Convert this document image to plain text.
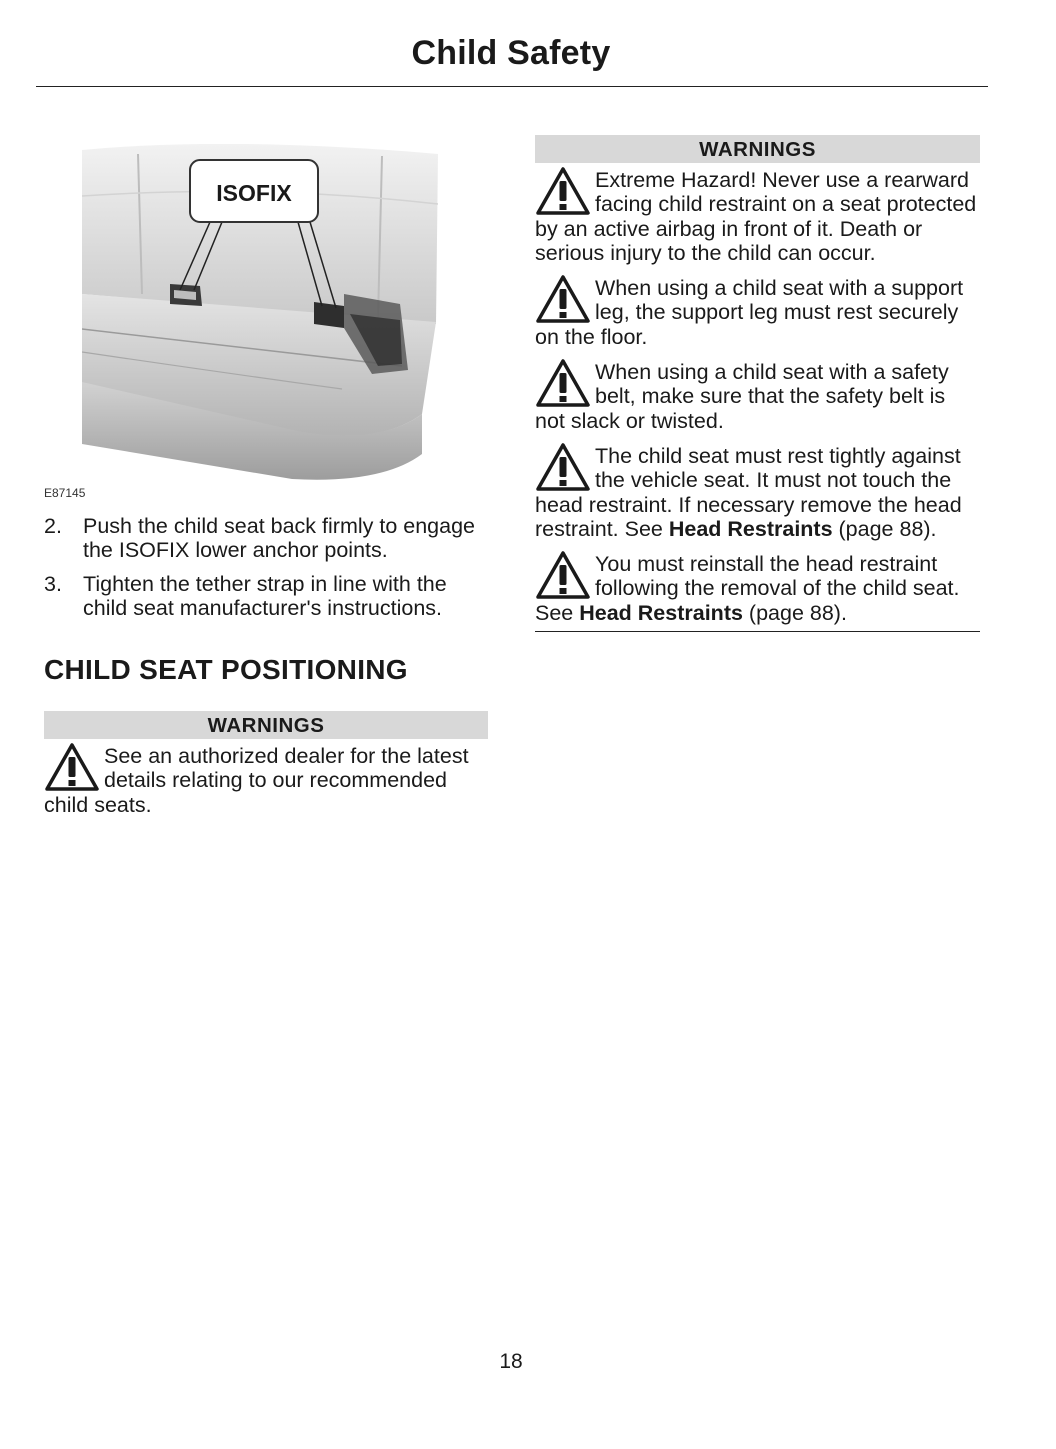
Child Safety
ISOFIX
E87145
2. Push the child seat back firmly to engage the ISOFIX lower anchor points.
3. Tighten the tether strap in line with the child seat manufacturer's instructions.
CHILD SEAT POSITIONING
WARNINGS
See an authorized dealer for the latest details relating to our recommended child seats.
WARNINGS
Extreme Hazard! Never use a rearward facing child restraint on a seat protected by an active airbag in front of it. Death or serious injury to the child can occur.
When using a child seat with a support leg, the support leg must rest securely on the floor.
When using a child seat with a safety belt, make sure that the safety belt is not slack or twisted.
The child seat must rest tightly against the vehicle seat. It must not touch the head restraint. If necessary remove the head restraint. See Head Restraints (page 88).
You must reinstall the head restraint following the removal of the child seat. See Head Restraints (page 88).
18
